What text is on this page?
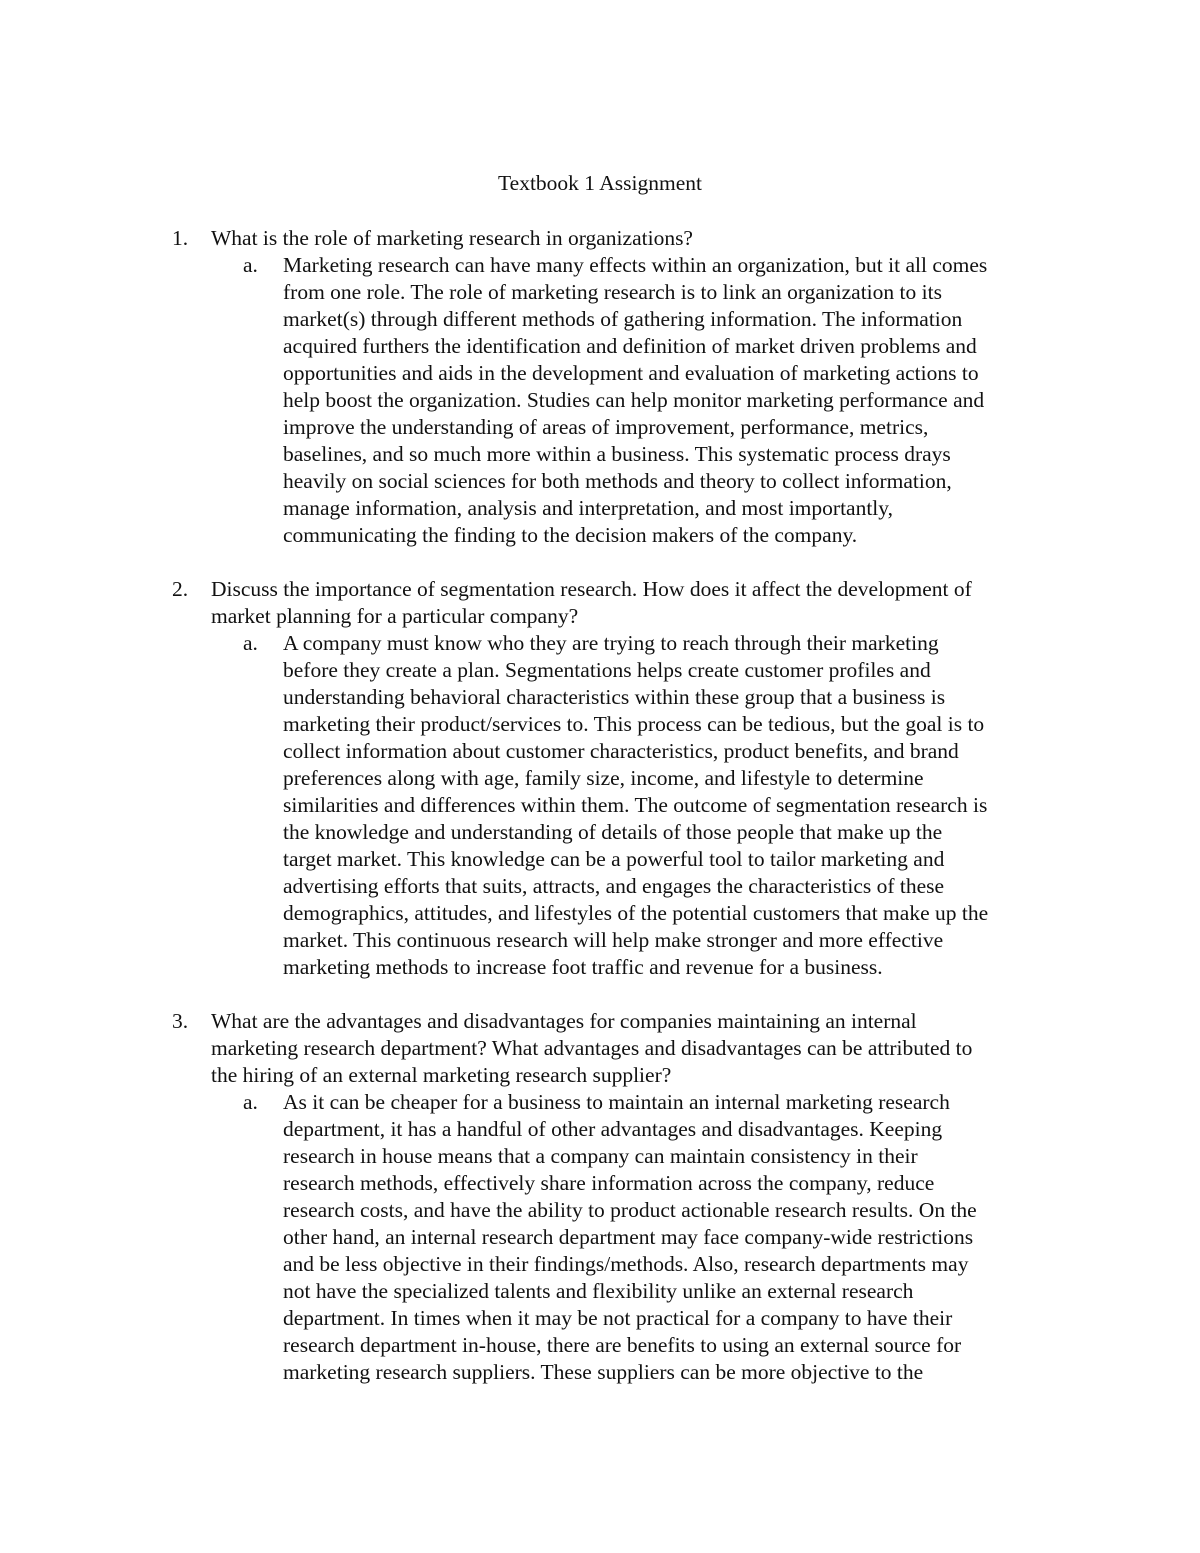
Textbook 1 Assignment
1.	What is the role of marketing research in organizations?
a. Marketing research can have many effects within an organization, but it all comes
from one role. The role of marketing research is to link an organization to its
market(s) through different methods of gathering information. The information
acquired furthers the identification and definition of market driven problems and
opportunities and aids in the development and evaluation of marketing actions to
help boost the organization. Studies can help monitor marketing performance and
improve the understanding of areas of improvement, performance, metrics,
baselines, and so much more within a business. This systematic process drays
heavily on social sciences for both methods and theory to collect information,
manage information, analysis and interpretation, and most importantly,
communicating the finding to the decision makers of the company.
2.	Discuss the importance of segmentation research. How does it affect the development of
market planning for a particular company?
a. A company must know who they are trying to reach through their marketing
before they create a plan. Segmentations helps create customer profiles and
understanding behavioral characteristics within these group that a business is
marketing their product/services to. This process can be tedious, but the goal is to
collect information about customer characteristics, product benefits, and brand
preferences along with age, family size, income, and lifestyle to determine
similarities and differences within them. The outcome of segmentation research is
the knowledge and understanding of details of those people that make up the
target market. This knowledge can be a powerful tool to tailor marketing and
advertising efforts that suits, attracts, and engages the characteristics of these
demographics, attitudes, and lifestyles of the potential customers that make up the
market. This continuous research will help make stronger and more effective
marketing methods to increase foot traffic and revenue for a business.
3.	What are the advantages and disadvantages for companies maintaining an internal
marketing research department? What advantages and disadvantages can be attributed to
the hiring of an external marketing research supplier?
a. As it can be cheaper for a business to maintain an internal marketing research
department, it has a handful of other advantages and disadvantages. Keeping
research in house means that a company can maintain consistency in their
research methods, effectively share information across the company, reduce
research costs, and have the ability to product actionable research results. On the
other hand, an internal research department may face company-wide restrictions
and be less objective in their findings/methods. Also, research departments may
not have the specialized talents and flexibility unlike an external research
department. In times when it may be not practical for a company to have their
research department in-house, there are benefits to using an external source for
marketing research suppliers. These suppliers can be more objective to the
